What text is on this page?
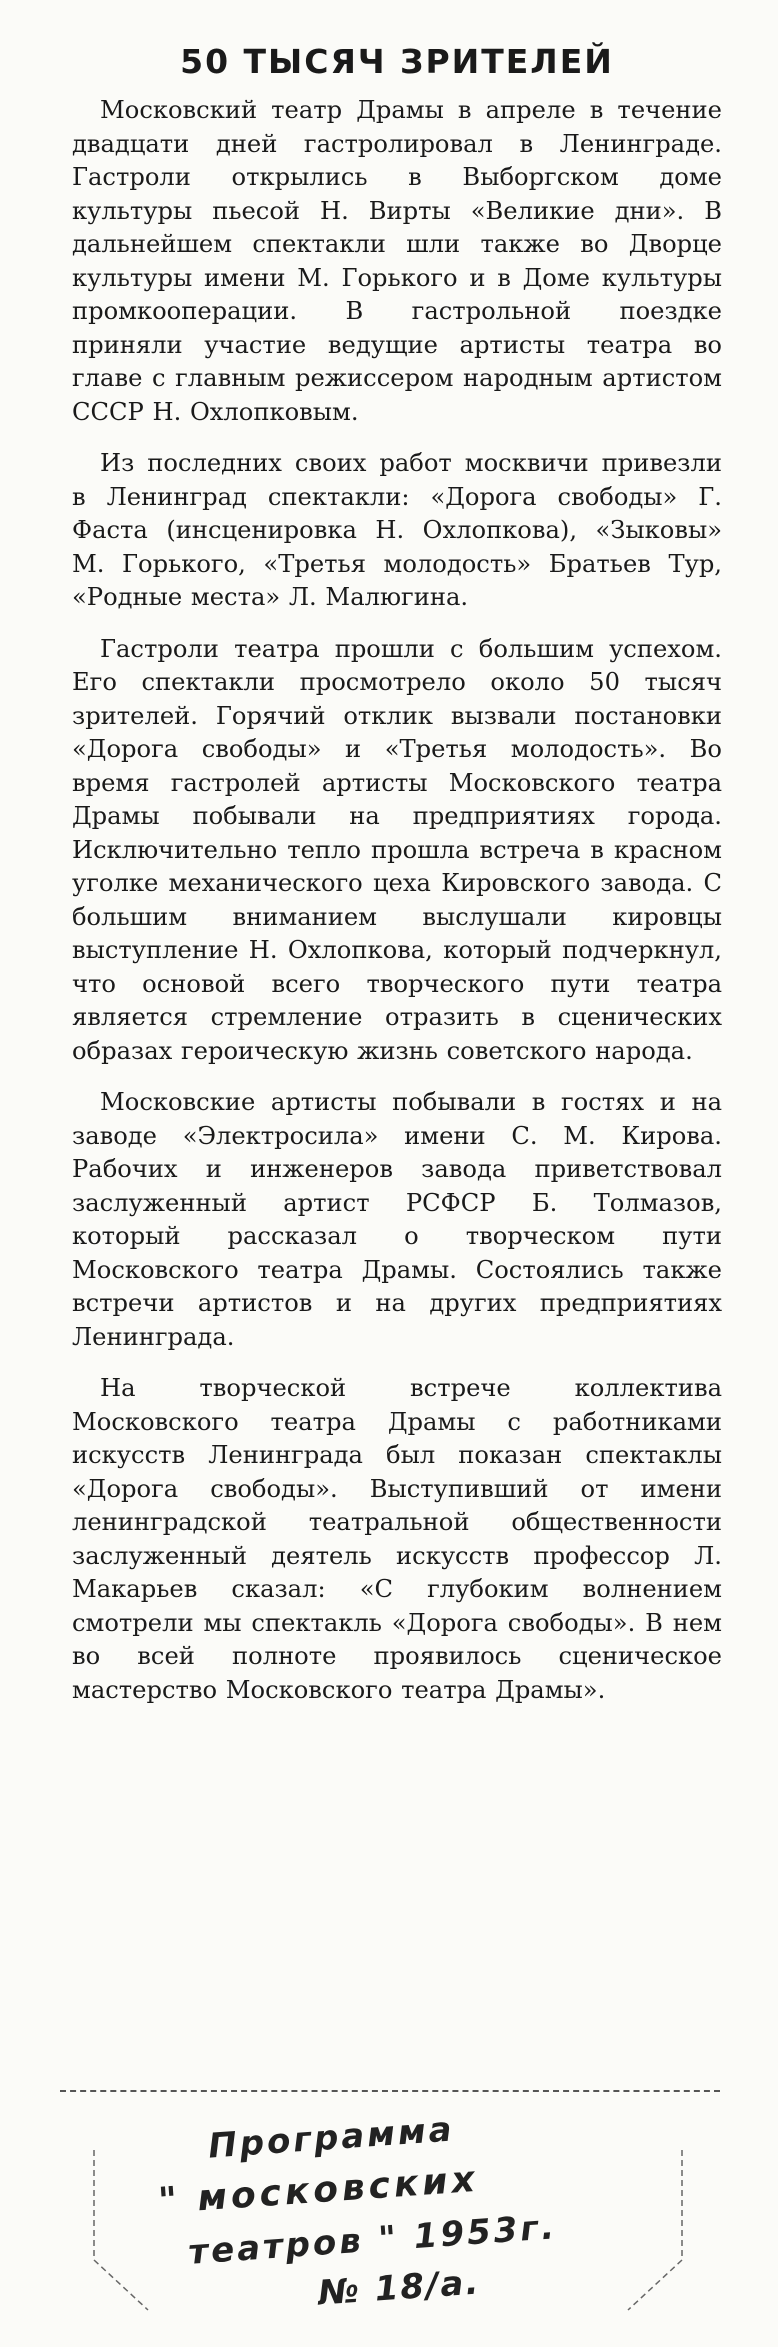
50 ТЫСЯЧ ЗРИТЕЛЕЙ

Московский театр Драмы в апреле в течение двадцати дней гастролировал в Ленинграде. Гастроли открылись в Выборгском доме культуры пьесой Н. Вирты «Великие дни». В дальнейшем спектакли шли также во Дворце культуры имени М. Горького и в Доме культуры промкооперации. В гастрольной поездке приняли участие ведущие артисты театра во главе с главным режиссером народным артистом СССР Н. Охлопковым.

Из последних своих работ москвичи привезли в Ленинград спектакли: «Дорога свободы» Г. Фаста (инсценировка Н. Охлопкова), «Зыковы» М. Горького, «Третья молодость» Братьев Тур, «Родные места» Л. Малюгина.

Гастроли театра прошли с большим успехом. Его спектакли просмотрело около 50 тысяч зрителей. Горячий отклик вызвали постановки «Дорога свободы» и «Третья молодость». Во время гастролей артисты Московского театра Драмы побывали на предприятиях города. Исключительно тепло прошла встреча в красном уголке механического цеха Кировского завода. С большим вниманием выслушали кировцы выступление Н. Охлопкова, который подчеркнул, что основой всего творческого пути театра является стремление отразить в сценических образах героическую жизнь советского народа.

Московские артисты побывали в гостях и на заводе «Электросила» имени С. М. Кирова. Рабочих и инженеров завода приветствовал заслуженный артист РСФСР Б. Толмазов, который рассказал о творческом пути Московского театра Драмы. Состоялись также встречи артистов и на других предприятиях Ленинграда.

На творческой встрече коллектива Московского театра Драмы с работниками искусств Ленинграда был показан спектаклы «Дорога свободы». Выступивший от имени ленинградской театральной общественности заслуженный деятель искусств профессор Л. Макарьев сказал: «С глубоким волнением смотрели мы спектакль «Дорога свободы». В нем во всей полноте проявилось сценическое мастерство Московского театра Драмы».

Программа
" московских
театров " 1953г.
№ 18/а.
